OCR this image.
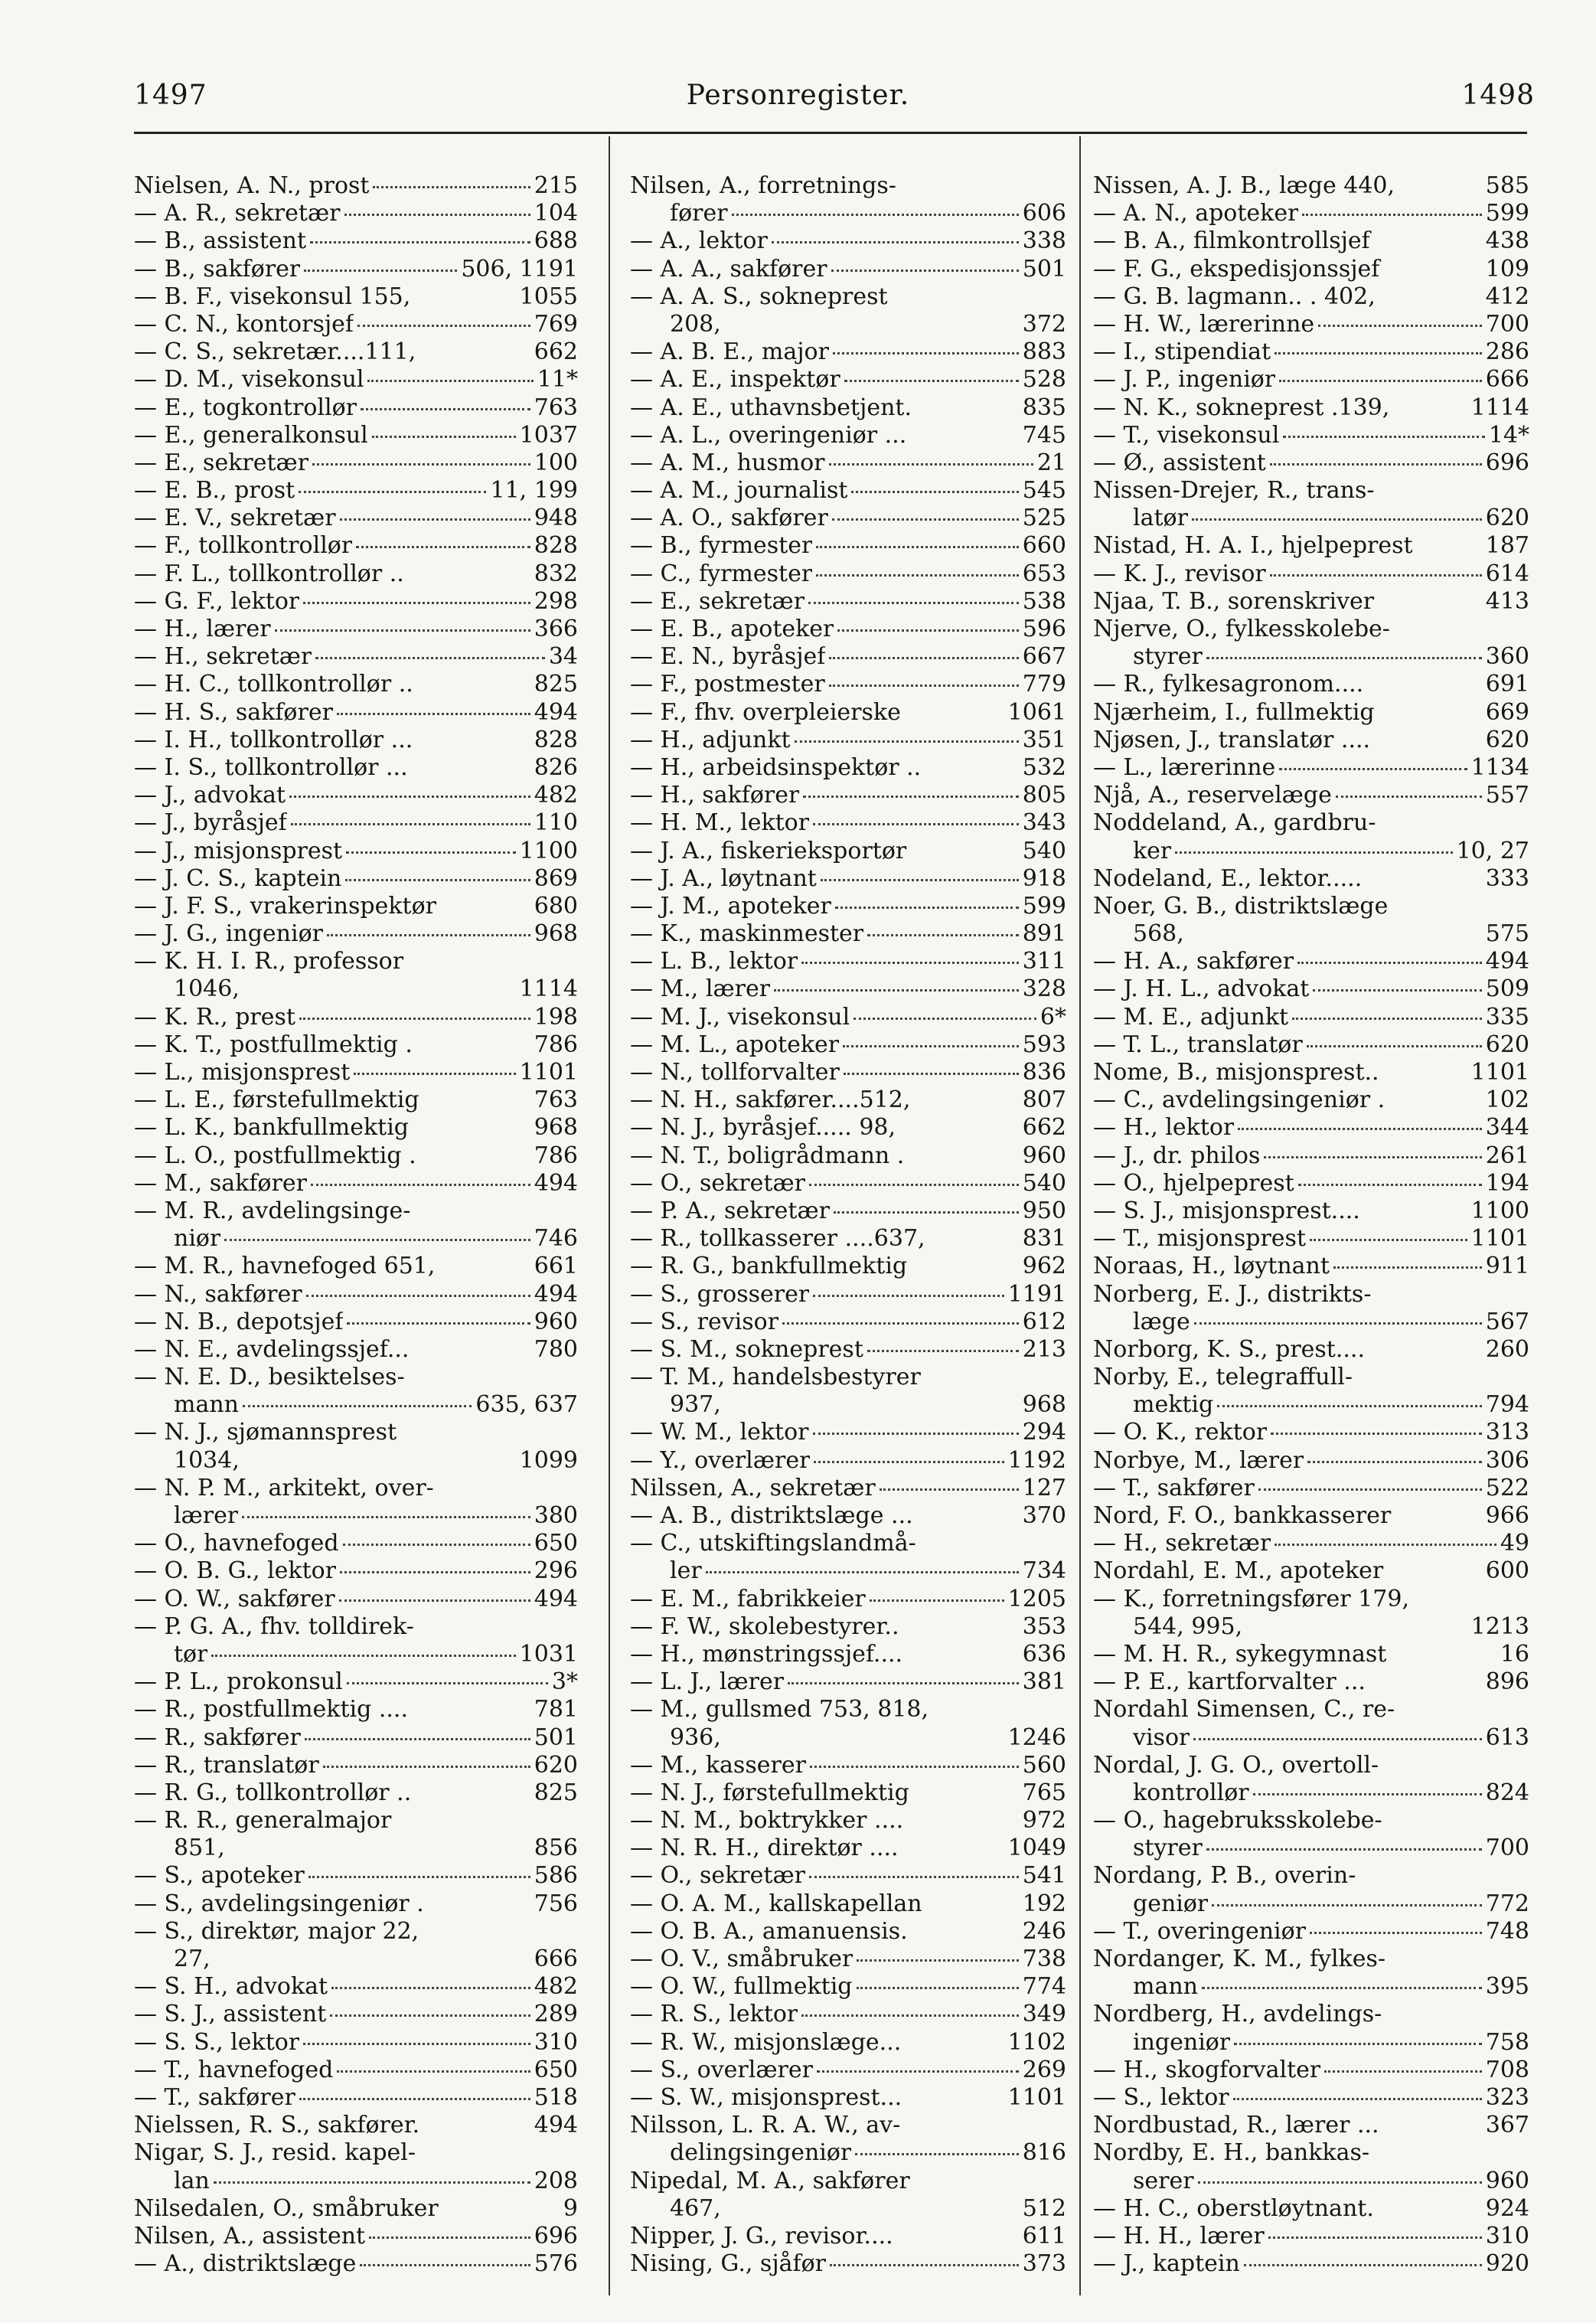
1497	Personregister.	1498
Nielsen, A. N., prost	215
— A. R., sekretær	104
— B., assistent	688
— B., sakfører	506, 1191
— B. F., visekonsul 155,	1055
— C. N., kontorsjef	769
— C. S., sekretær....111,	662
— D. M., visekonsul	11*
— E., togkontrollør	763
— E., generalkonsul	1037
— E., sekretær	100
— E. B., prost	11, 199
— E. V., sekretær	948
— F., tollkontrollør	828
— F. L., tollkontrollør ..	832
— G. F., lektor	298
— H., lærer	366
— H., sekretær	34
— H. C., tollkontrollør ..	825
— H. S., sakfører	494
— I. H., tollkontrollør ...	828
— I. S., tollkontrollør ...	826
— J., advokat	482
— J., byråsjef	110
— J., misjonsprest	1100
— J. C. S., kaptein	869
— J. F. S., vrakerinspektør	680
— J. G., ingeniør	968
— K. H. I. R., professor
1046,	1114
— K. R., prest	198
— K. T., postfullmektig .	786
— L., misjonsprest	1101
— L. E., førstefullmektig	763
— L. K., bankfullmektig	968
— L. O., postfullmektig .	786
— M., sakfører	494
— M. R., avdelingsinge-
niør	746
— M. R., havnefoged 651,	661
— N., sakfører	494
— N. B., depotsjef	960
— N. E., avdelingssjef...	780
— N. E. D., besiktelses-
mann	635, 637
— N. J., sjømannsprest
1034,	1099
— N. P. M., arkitekt, over-
lærer	380
— O., havnefoged	650
— O. B. G., lektor	296
— O. W., sakfører	494
— P. G. A., fhv. tolldirek-
tør	1031
— P. L., prokonsul	3*
— R., postfullmektig ....	781
— R., sakfører	501
— R., translatør	620
— R. G., tollkontrollør ..	825
— R. R., generalmajor
851,	856
— S., apoteker	586
— S., avdelingsingeniør .	756
— S., direktør, major 22,
27,	666
— S. H., advokat	482
— S. J., assistent	289
— S. S., lektor	310
— T., havnefoged	650
— T., sakfører	518
Nielssen, R. S., sakfører.	494
Nigar, S. J., resid. kapel-
lan	208
Nilsedalen, O., småbruker	9
Nilsen, A., assistent	696
— A., distriktslæge	576
Nilsen, A., forretnings-
fører	606
— A., lektor	338
— A. A., sakfører	501
— A. A. S., sokneprest
208,	372
— A. B. E., major	883
— A. E., inspektør	528
— A. E., uthavnsbetjent.	835
— A. L., overingeniør ...	745
— A. M., husmor	21
— A. M., journalist	545
— A. O., sakfører	525
— B., fyrmester	660
— C., fyrmester	653
— E., sekretær	538
— E. B., apoteker	596
— E. N., byråsjef	667
— F., postmester	779
— F., fhv. overpleierske	1061
— H., adjunkt	351
— H., arbeidsinspektør ..	532
— H., sakfører	805
— H. M., lektor	343
— J. A., fiskerieksportør	540
— J. A., løytnant	918
— J. M., apoteker	599
— K., maskinmester	891
— L. B., lektor	311
— M., lærer	328
— M. J., visekonsul	6*
— M. L., apoteker	593
— N., tollforvalter	836
— N. H., sakfører....512,	807
— N. J., byråsjef..... 98,	662
— N. T., boligrådmann .	960
— O., sekretær	540
— P. A., sekretær	950
— R., tollkasserer ....637,	831
— R. G., bankfullmektig	962
— S., grosserer	1191
— S., revisor	612
— S. M., sokneprest	213
— T. M., handelsbestyrer
937,	968
— W. M., lektor	294
— Y., overlærer	1192
Nilssen, A., sekretær	127
— A. B., distriktslæge ...	370
— C., utskiftingslandmå-
ler	734
— E. M., fabrikkeier	1205
— F. W., skolebestyrer..	353
— H., mønstringssjef....	636
— L. J., lærer	381
— M., gullsmed 753, 818,
936,	1246
— M., kasserer	560
— N. J., førstefullmektig	765
— N. M., boktrykker ....	972
— N. R. H., direktør ....	1049
— O., sekretær	541
— O. A. M., kallskapellan	192
— O. B. A., amanuensis.	246
— O. V., småbruker	738
— O. W., fullmektig	774
— R. S., lektor	349
— R. W., misjonslæge...	1102
— S., overlærer	269
— S. W., misjonsprest...	1101
Nilsson, L. R. A. W., av-
delingsingeniør	816
Nipedal, M. A., sakfører
467,	512
Nipper, J. G., revisor....	611
Nising, G., sjåfør	373
Nissen, A. J. B., læge 440,	585
— A. N., apoteker	599
— B. A., filmkontrollsjef	438
— F. G., ekspedisjonssjef	109
— G. B. lagmann.. . 402,	412
— H. W., lærerinne	700
— I., stipendiat	286
— J. P., ingeniør	666
— N. K., sokneprest .139,	1114
— T., visekonsul	14*
— Ø., assistent	696
Nissen-Drejer, R., trans-
latør	620
Nistad, H. A. I., hjelpeprest	187
— K. J., revisor	614
Njaa, T. B., sorenskriver	413
Njerve, O., fylkesskolebe-
styrer	360
— R., fylkesagronom....	691
Njærheim, I., fullmektig	669
Njøsen, J., translatør ....	620
— L., lærerinne	1134
Njå, A., reservelæge	557
Noddeland, A., gardbru-
ker	10, 27
Nodeland, E., lektor.....	333
Noer, G. B., distriktslæge
568,	575
— H. A., sakfører	494
— J. H. L., advokat	509
— M. E., adjunkt	335
— T. L., translatør	620
Nome, B., misjonsprest..	1101
— C., avdelingsingeniør .	102
— H., lektor	344
— J., dr. philos	261
— O., hjelpeprest	194
— S. J., misjonsprest....	1100
— T., misjonsprest	1101
Noraas, H., løytnant	911
Norberg, E. J., distrikts-
læge	567
Norborg, K. S., prest....	260
Norby, E., telegraffull-
mektig	794
— O. K., rektor	313
Norbye, M., lærer	306
— T., sakfører	522
Nord, F. O., bankkasserer	966
— H., sekretær	49
Nordahl, E. M., apoteker	600
— K., forretningsfører 179,
544, 995,	1213
— M. H. R., sykegymnast	16
— P. E., kartforvalter ...	896
Nordahl Simensen, C., re-
visor	613
Nordal, J. G. O., overtoll-
kontrollør	824
— O., hagebruksskolebe-
styrer	700
Nordang, P. B., overin-
geniør	772
— T., overingeniør	748
Nordanger, K. M., fylkes-
mann	395
Nordberg, H., avdelings-
ingeniør	758
— H., skogforvalter	708
— S., lektor	323
Nordbustad, R., lærer ...	367
Nordby, E. H., bankkas-
serer	960
— H. C., oberstløytnant.	924
— H. H., lærer	310
— J., kaptein	920
